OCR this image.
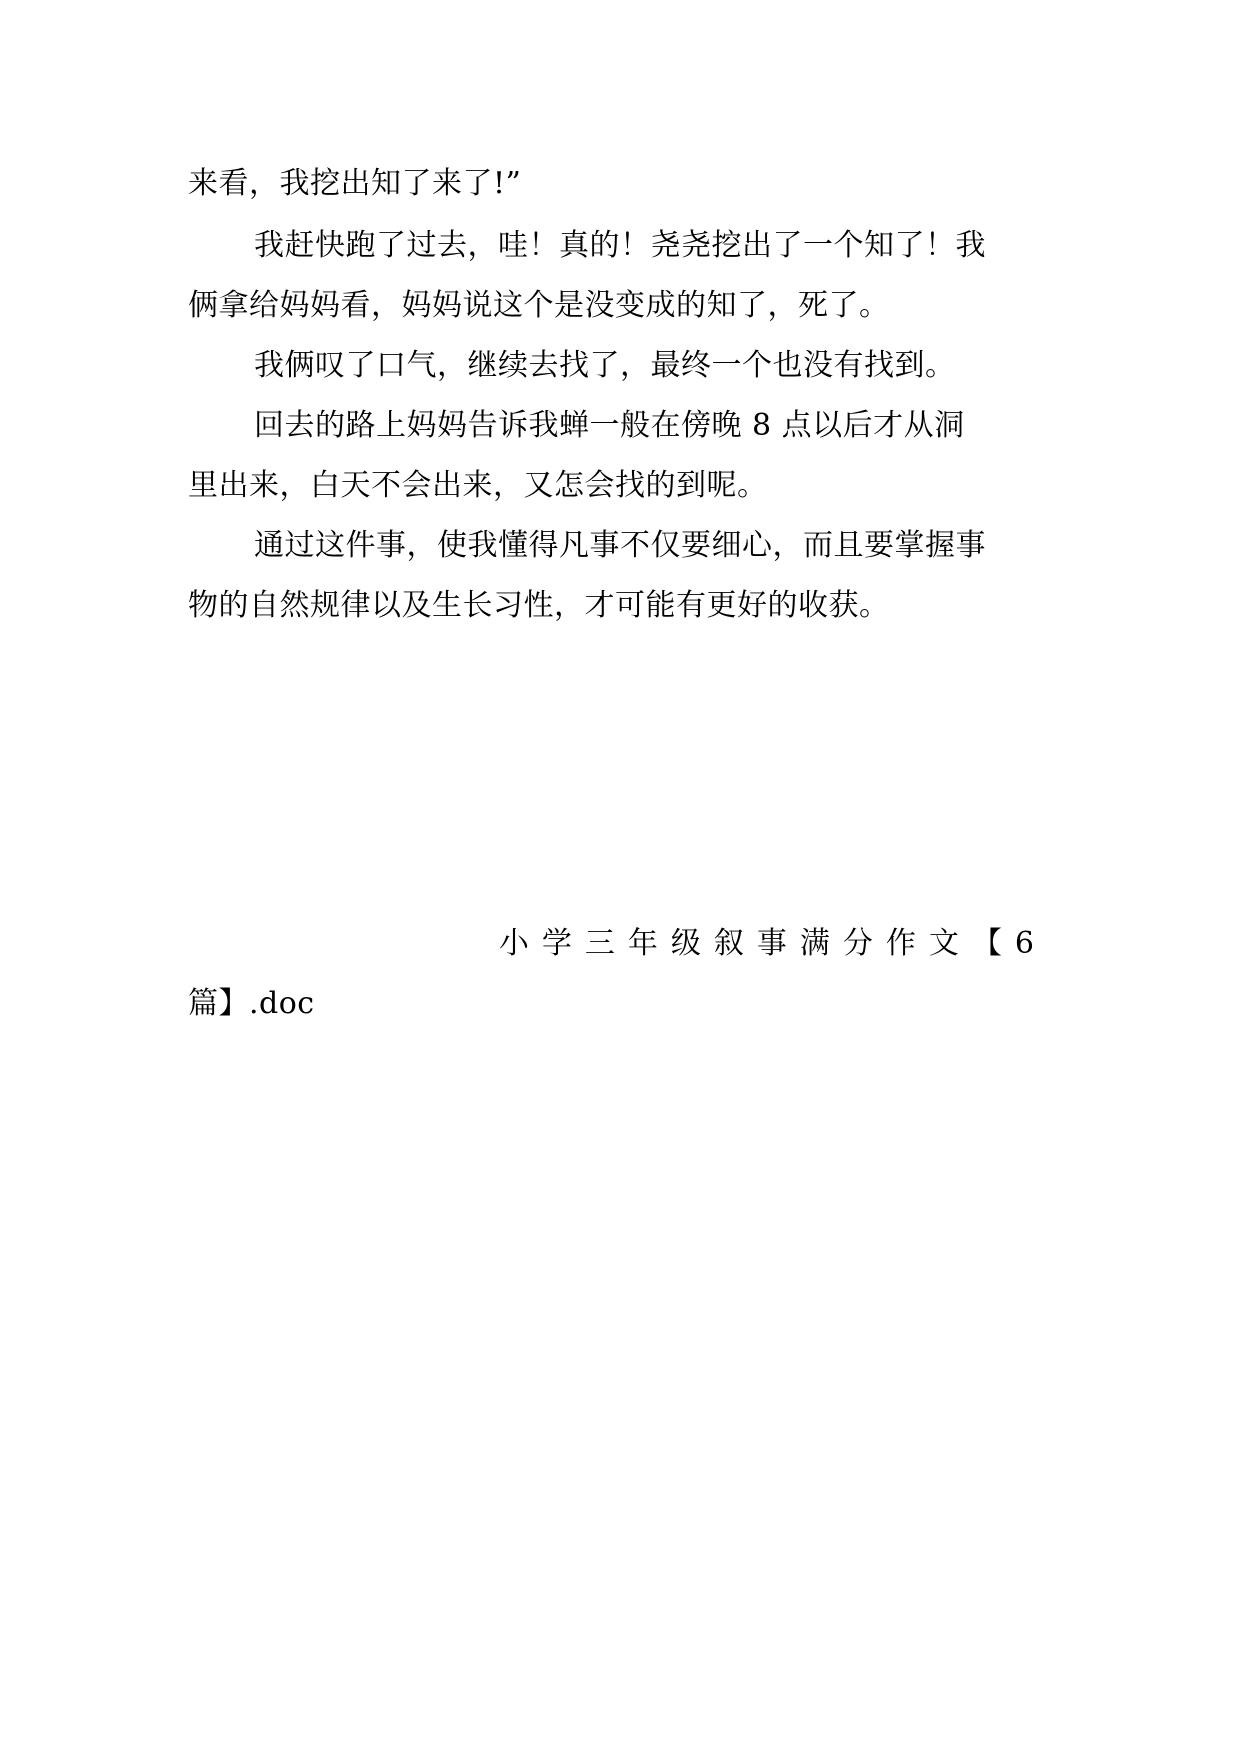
来看，我挖出知了来了!”
我赶快跑了过去，哇！真的！尧尧挖出了一个知了！我
俩拿给妈妈看，妈妈说这个是没变成的知了，死了。
我俩叹了口气，继续去找了，最终一个也没有找到。
回去的路上妈妈告诉我蝉一般在傍晚 8 点以后才从洞
里出来，白天不会出来，又怎会找的到呢。
通过这件事，使我懂得凡事不仅要细心，而且要掌握事
物的自然规律以及生长习性，才可能有更好的收获。
小学三年级叙事满分作文【6
篇】.doc
